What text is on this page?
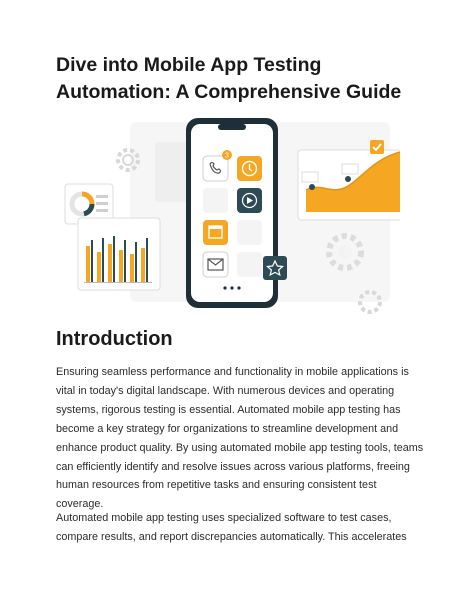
Dive into Mobile App Testing Automation: A Comprehensive Guide
3
Introduction

Ensuring seamless performance and functionality in mobile applications is vital in today's digital landscape. With numerous devices and operating systems, rigorous testing is essential. Automated mobile app testing has become a key strategy for organizations to streamline development and enhance product quality. By using automated mobile app testing tools, teams can efficiently identify and resolve issues across various platforms, freeing human resources from repetitive tasks and ensuring consistent test coverage.

Automated mobile app testing uses specialized software to test cases, compare results, and report discrepancies automatically. This accelerates
